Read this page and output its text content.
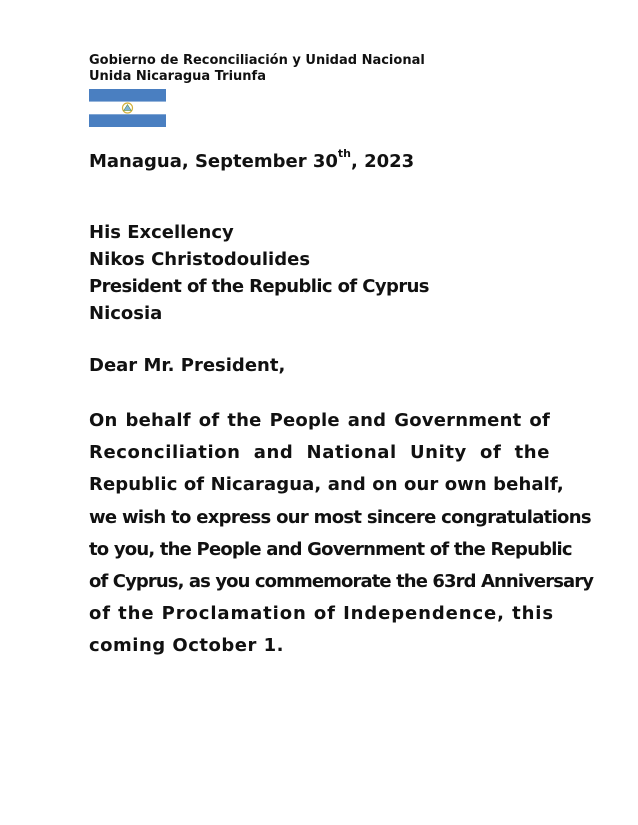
Gobierno de Reconciliación y Unidad Nacional
Unida Nicaragua Triunfa
Managua, September 30th, 2023
His Excellency
Nikos Christodoulides
President of the Republic of Cyprus
Nicosia
Dear Mr. President,
On behalf of the People and Government of
Reconciliation and National Unity of the
Republic of Nicaragua, and on our own behalf,
we wish to express our most sincere congratulations
to you, the People and Government of the Republic
of Cyprus, as you commemorate the 63rd Anniversary
of the Proclamation of Independence, this
coming October 1.
